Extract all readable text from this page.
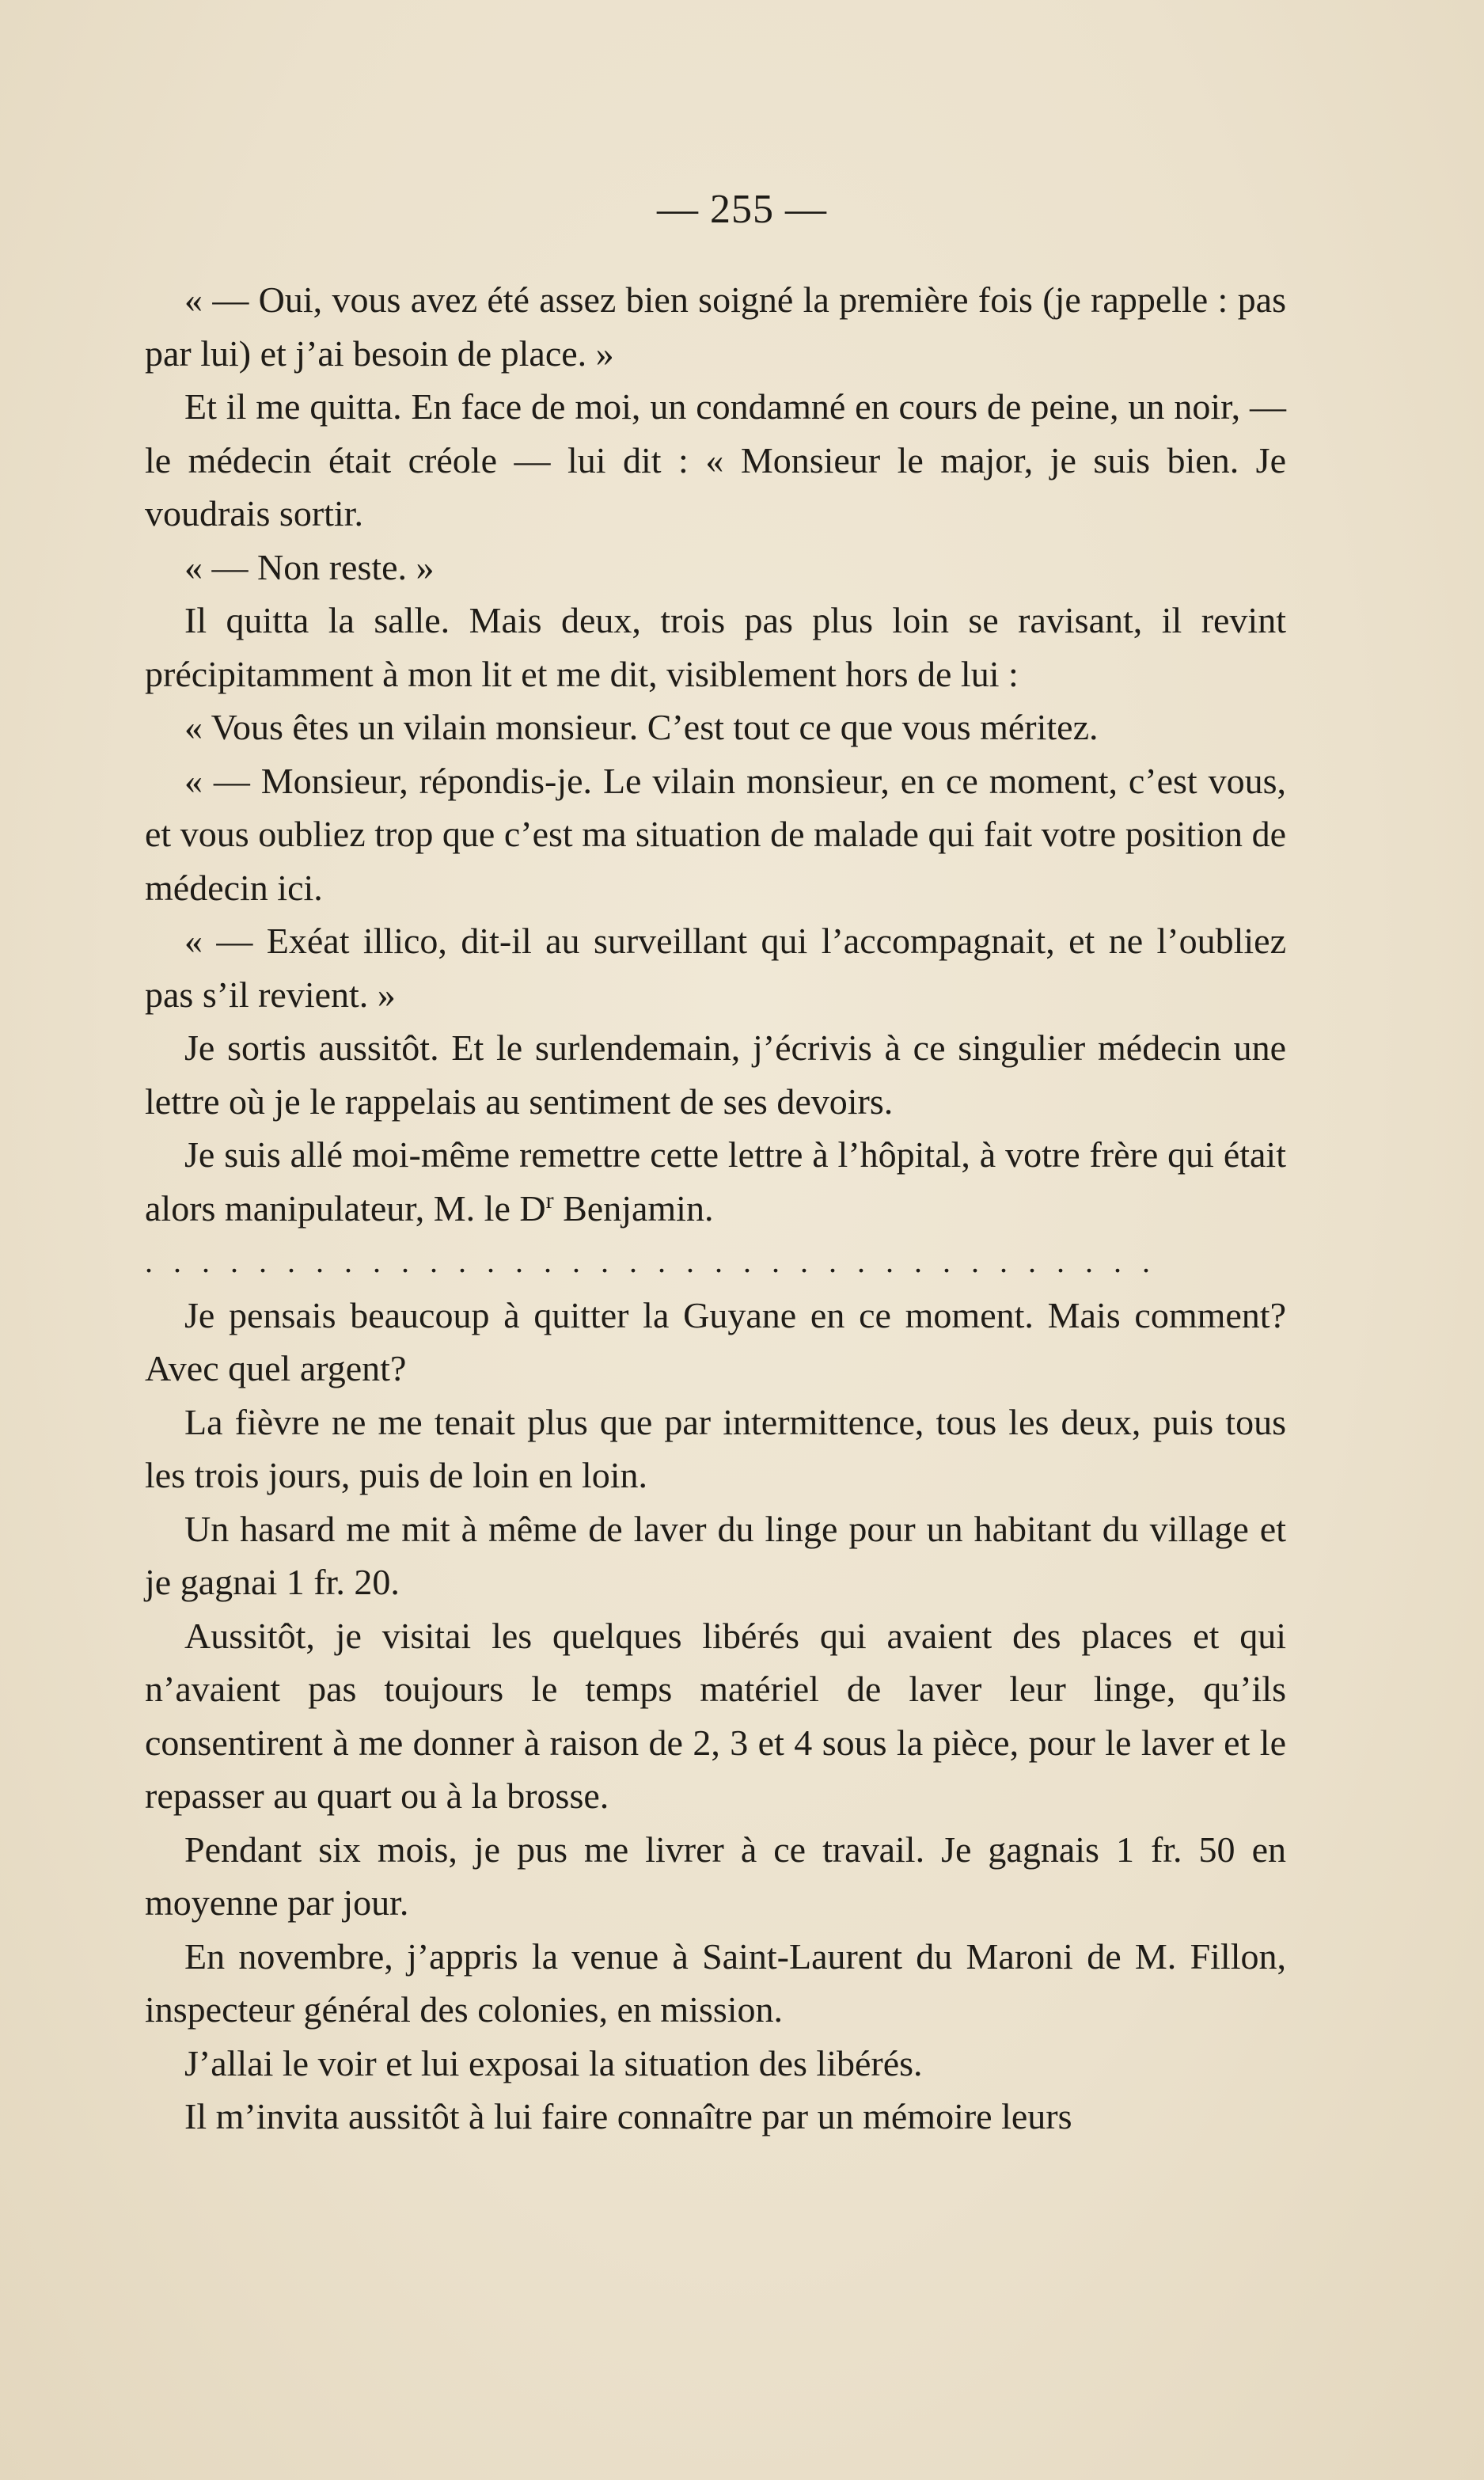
— 255 —

« — Oui, vous avez été assez bien soigné la première fois (je rappelle : pas par lui) et j’ai besoin de place. »

Et il me quitta. En face de moi, un condamné en cours de peine, un noir, — le médecin était créole — lui dit : « Monsieur le major, je suis bien. Je voudrais sortir.

« — Non reste. »

Il quitta la salle. Mais deux, trois pas plus loin se ravisant, il revint précipitamment à mon lit et me dit, visiblement hors de lui :

« Vous êtes un vilain monsieur. C’est tout ce que vous méritez.

« — Monsieur, répondis-je. Le vilain monsieur, en ce moment, c’est vous, et vous oubliez trop que c’est ma situation de malade qui fait votre position de médecin ici.

« — Exéat illico, dit-il au surveillant qui l’accompagnait, et ne l’oubliez pas s’il revient. »

Je sortis aussitôt. Et le surlendemain, j’écrivis à ce singulier médecin une lettre où je le rappelais au sentiment de ses devoirs.

Je suis allé moi-même remettre cette lettre à l’hôpital, à votre frère qui était alors manipulateur, M. le $D^r$ Benjamin.

....................................

Je pensais beaucoup à quitter la Guyane en ce moment. Mais comment? Avec quel argent?

La fièvre ne me tenait plus que par intermittence, tous les deux, puis tous les trois jours, puis de loin en loin.

Un hasard me mit à même de laver du linge pour un habitant du village et je gagnai 1 fr. 20.

Aussitôt, je visitai les quelques libérés qui avaient des places et qui n’avaient pas toujours le temps matériel de laver leur linge, qu’ils consentirent à me donner à raison de 2, 3 et 4 sous la pièce, pour le laver et le repasser au quart ou à la brosse.

Pendant six mois, je pus me livrer à ce travail. Je gagnais 1 fr. 50 en moyenne par jour.

En novembre, j’appris la venue à Saint-Laurent du Maroni de M. Fillon, inspecteur général des colonies, en mission.

J’allai le voir et lui exposai la situation des libérés.

Il m’invita aussitôt à lui faire connaître par un mémoire leurs
